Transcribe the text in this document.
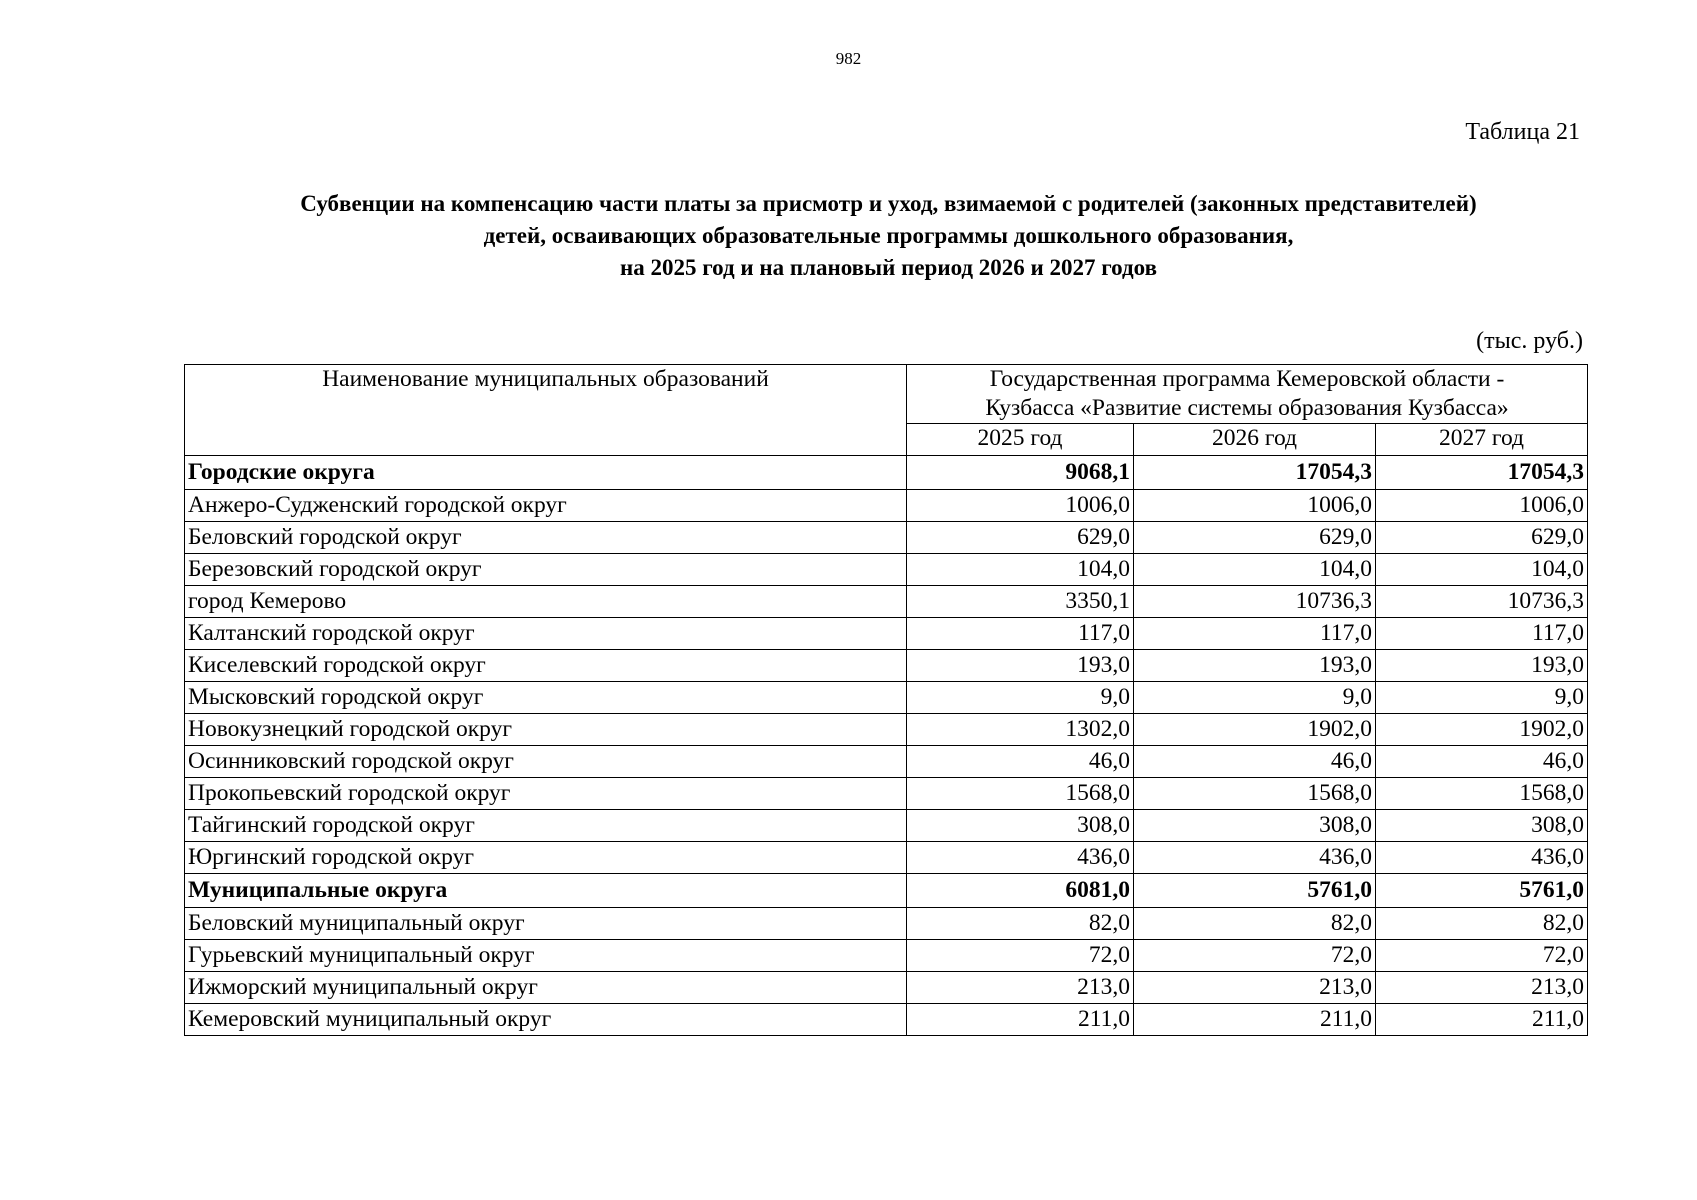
982
Таблица 21
Субвенции на компенсацию части платы за присмотр и уход, взимаемой с родителей (законных представителей)
детей, осваивающих образовательные программы дошкольного образования,
на 2025 год и на плановый период 2026 и 2027 годов
(тыс. руб.)
Наименование муниципальных образований	Государственная программа Кемеровской области -
Кузбасса «Развитие системы образования Кузбасса»		

	2025 год	2026 год	2027 год
Городские округа	9068,1	17054,3	17054,3
Анжеро-Судженский городской округ	1006,0	1006,0	1006,0
Беловский городской округ	629,0	629,0	629,0
Березовский городской округ	104,0	104,0	104,0
город Кемерово	3350,1	10736,3	10736,3
Калтанский городской округ	117,0	117,0	117,0
Киселевский городской округ	193,0	193,0	193,0
Мысковский городской округ	9,0	9,0	9,0
Новокузнецкий городской округ	1302,0	1902,0	1902,0
Осинниковский городской округ	46,0	46,0	46,0
Прокопьевский городской округ	1568,0	1568,0	1568,0
Тайгинский городской округ	308,0	308,0	308,0
Юргинский городской округ	436,0	436,0	436,0
Муниципальные округа	6081,0	5761,0	5761,0
Беловский муниципальный округ	82,0	82,0	82,0
Гурьевский муниципальный округ	72,0	72,0	72,0
Ижморский муниципальный округ	213,0	213,0	213,0
Кемеровский муниципальный округ	211,0	211,0	211,0
